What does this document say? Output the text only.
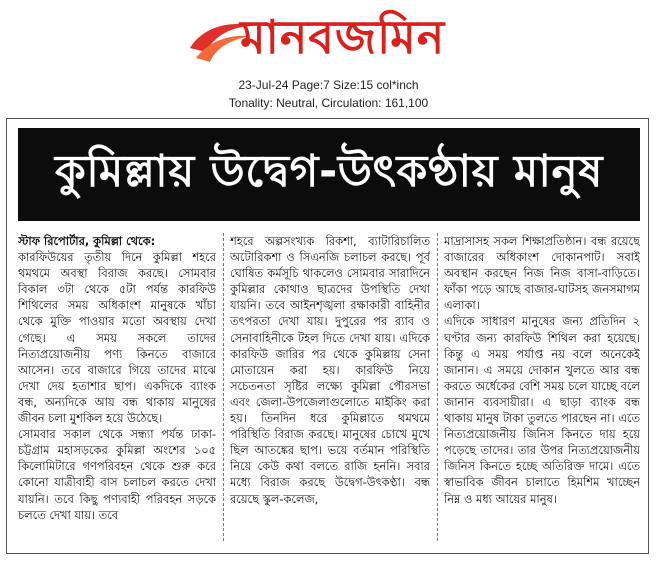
মানবজমিন
23-Jul-24 Page:7 Size:15 col*inch
Tonality: Neutral, Circulation: 161,100
কুমিল্লায় উদ্বেগ-উৎকণ্ঠায় মানুষ
স্টাফ রিপোর্টার, কুমিল্লা থেকে:
কারফিউয়ের তৃতীয় দিনে কুমিল্লা শহরে থমথমে অবস্থা বিরাজ করছে। সোমবার বিকাল ৩টা থেকে ৫টা পর্যন্ত কারফিউ শিথিলের সময় অধিকাংশ মানুষকে খাঁচা থেকে মুক্তি পাওয়ার মতো অবস্থায় দেখা গেছে। এ সময় সকলে তাদের নিত্যপ্রয়োজনীয় পণ্য কিনতে বাজারে আসেন। তবে বাজারে গিয়ে তাদের মাঝে দেখা দেয় হতাশার ছাপ। একদিকে ব্যাংক বন্ধ, অন্যদিকে আয় বন্ধ থাকায় মানুষের জীবন চলা মুশকিল হয়ে উঠেছে।
সোমবার সকাল থেকে সন্ধ্যা পর্যন্ত ঢাকা-চট্টগ্রাম মহাসড়কের কুমিল্লা অংশের ১০৫ কিলোমিটারে গণপরিবহন থেকে শুরু করে কোনো যাত্রীবাহী বাস চলাচল করতে দেখা যায়নি। তবে কিছু পণ্যবাহী পরিবহন সড়কে চলতে দেখা যায়। তবে
শহরে অল্পসংখ্যক রিকশা, ব্যাটারিচালিত অটোরিকশা ও সিএনজি চলাচল করছে। পূর্ব ঘোষিত কর্মসূচি থাকলেও সোমবার সারাদিনে কুমিল্লার কোথাও ছাত্রদের উপস্থিতি দেখা যায়নি। তবে আইনশৃঙ্খলা রক্ষাকারী বাহিনীর তৎপরতা দেখা যায়। দুপুরের পর র‌্যাব ও সেনাবাহিনীকে টহল দিতে দেখা যায়। এদিকে কারফিউ জারির পর থেকে কুমিল্লায় সেনা মোতায়েন করা হয়। কারফিউ নিয়ে সচেতনতা সৃষ্টির লক্ষ্যে কুমিল্লা পৌরসভা এবং জেলা-উপজেলাগুলোতে মাইকিং করা হয়। তিনদিন ধরে কুমিল্লাতে থমথমে পরিস্থিতি বিরাজ করছে। মানুষের চোখে মুখে ছিল আতঙ্কের ছাপ। ভয়ে বর্তমান পরিস্থিতি নিয়ে কেউ কথা বলতে রাজি হননি। সবার মধ্যে বিরাজ করছে উদ্বেগ-উৎকণ্ঠা। বন্ধ রয়েছে স্কুল-কলেজ,
মাদ্রাসাসহ সকল শিক্ষাপ্রতিষ্ঠান। বন্ধ রয়েছে বাজারের অধিকাংশ দোকানপাট। সবাই অবস্থান করছেন নিজ নিজ বাসা-বাড়িতে। ফাঁকা পড়ে আছে বাজার-ঘাটসহ জনসমাগম এলাকা।
এদিকে সাধারণ মানুষের জন্য প্রতিদিন ২ ঘণ্টার জন্য কারফিউ শিথিল করা হয়েছে। কিন্তু এ সময় পর্যাপ্ত নয় বলে অনেকেই জানান। এ সময়ে দোকান খুলতে আর বন্ধ করতে অর্ধেকের বেশি সময় চলে যাচ্ছে বলে জানান ব্যবসায়ীরা। এ ছাড়া ব্যাংক বন্ধ থাকায় মানুষ টাকা তুলতে পারছেন না। এতে নিত্যপ্রয়োজনীয় জিনিস কিনতে দায় হয়ে পড়েছে তাদের। তার উপর নিত্যপ্রয়োজনীয় জিনিস কিনতে হচ্ছে অতিরিক্ত দামে। এতে স্বাভাবিক জীবন চালাতে হিমশিম খাচ্ছেন নিম্ন ও মধ্য আয়ের মানুষ।
